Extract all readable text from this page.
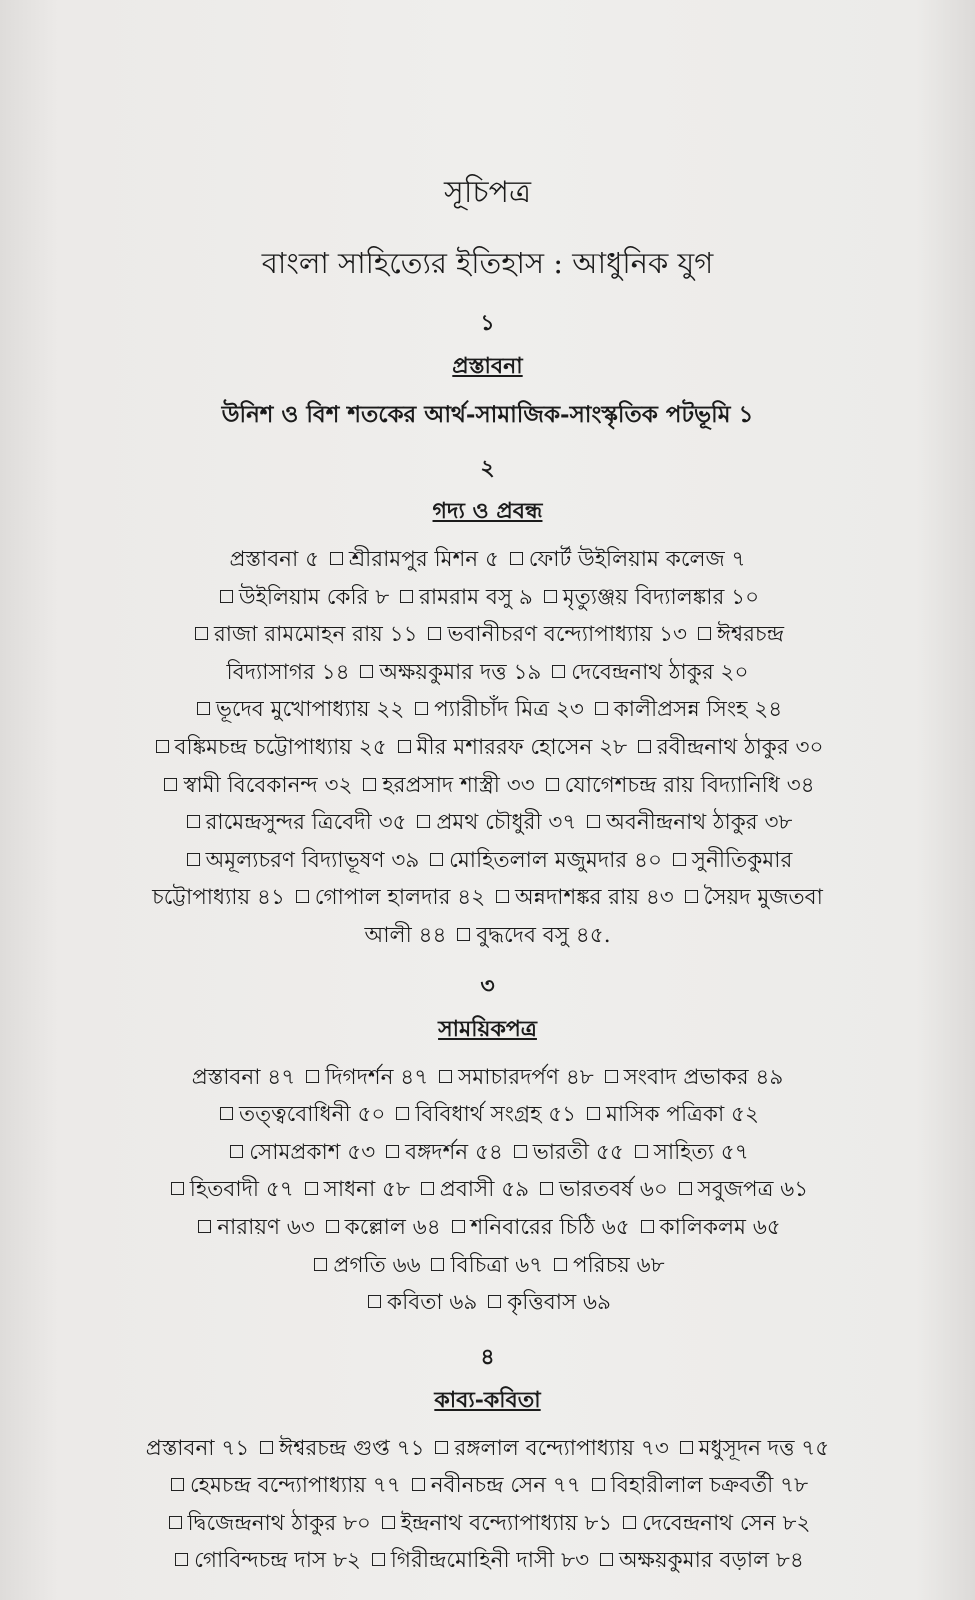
সূচিপত্র
বাংলা সাহিত্যের ইতিহাস : আধুনিক যুগ
১
প্রস্তাবনা
উনিশ ও বিশ শতকের আর্থ-সামাজিক-সাংস্কৃতিক পটভূমি ১
২
গদ্য ও প্রবন্ধ
প্রস্তাবনা ৫ শ্রীরামপুর মিশন ৫ ফোর্ট উইলিয়াম কলেজ ৭
উইলিয়াম কেরি ৮ রামরাম বসু ৯ মৃত্যুঞ্জয় বিদ্যালঙ্কার ১০
রাজা রামমোহন রায় ১১ ভবানীচরণ বন্দ্যোপাধ্যায় ১৩ ঈশ্বরচন্দ্র
বিদ্যাসাগর ১৪ অক্ষয়কুমার দত্ত ১৯ দেবেন্দ্রনাথ ঠাকুর ২০
ভূদেব মুখোপাধ্যায় ২২ প্যারীচাঁদ মিত্র ২৩ কালীপ্রসন্ন সিংহ ২৪
বঙ্কিমচন্দ্র চট্টোপাধ্যায় ২৫ মীর মশাররফ হোসেন ২৮ রবীন্দ্রনাথ ঠাকুর ৩০
স্বামী বিবেকানন্দ ৩২ হরপ্রসাদ শাস্ত্রী ৩৩ যোগেশচন্দ্র রায় বিদ্যানিধি ৩৪
রামেন্দ্রসুন্দর ত্রিবেদী ৩৫ প্রমথ চৌধুরী ৩৭ অবনীন্দ্রনাথ ঠাকুর ৩৮
অমূল্যচরণ বিদ্যাভূষণ ৩৯ মোহিতলাল মজুমদার ৪০ সুনীতিকুমার
চট্টোপাধ্যায় ৪১ গোপাল হালদার ৪২ অন্নদাশঙ্কর রায় ৪৩ সৈয়দ মুজতবা
আলী ৪৪ বুদ্ধদেব বসু ৪৫.
৩
সাময়িকপত্র
প্রস্তাবনা ৪৭ দিগদর্শন ৪৭ সমাচারদর্পণ ৪৮ সংবাদ প্রভাকর ৪৯
তত্ত্ববোধিনী ৫০ বিবিধার্থ সংগ্রহ ৫১ মাসিক পত্রিকা ৫২
সোমপ্রকাশ ৫৩ বঙ্গদর্শন ৫৪ ভারতী ৫৫ সাহিত্য ৫৭
হিতবাদী ৫৭ সাধনা ৫৮ প্রবাসী ৫৯ ভারতবর্ষ ৬০ সবুজপত্র ৬১
নারায়ণ ৬৩ কল্লোল ৬৪ শনিবারের চিঠি ৬৫ কালিকলম ৬৫
প্রগতি ৬৬ বিচিত্রা ৬৭ পরিচয় ৬৮
কবিতা ৬৯ কৃত্তিবাস ৬৯
৪
কাব্য-কবিতা
প্রস্তাবনা ৭১ ঈশ্বরচন্দ্র গুপ্ত ৭১ রঙ্গলাল বন্দ্যোপাধ্যায় ৭৩ মধুসূদন দত্ত ৭৫
হেমচন্দ্র বন্দ্যোপাধ্যায় ৭৭ নবীনচন্দ্র সেন ৭৭ বিহারীলাল চক্রবর্তী ৭৮
দ্বিজেন্দ্রনাথ ঠাকুর ৮০ ইন্দ্রনাথ বন্দ্যোপাধ্যায় ৮১ দেবেন্দ্রনাথ সেন ৮২
গোবিন্দচন্দ্র দাস ৮২ গিরীন্দ্রমোহিনী দাসী ৮৩ অক্ষয়কুমার বড়াল ৮৪
